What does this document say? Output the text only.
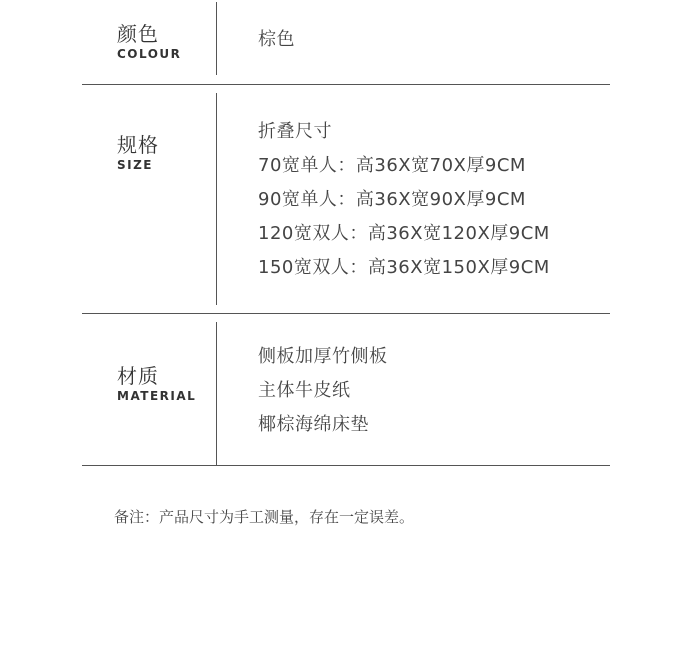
颜色
COLOUR
棕色
规格
SIZE
折叠尺寸
70宽单人：高36X宽70X厚9CM
90宽单人：高36X宽90X厚9CM
120宽双人：高36X宽120X厚9CM
150宽双人：高36X宽150X厚9CM
材质
MATERIAL
侧板加厚竹侧板
主体牛皮纸
椰棕海绵床垫
备注：产品尺寸为手工测量，存在一定误差。
